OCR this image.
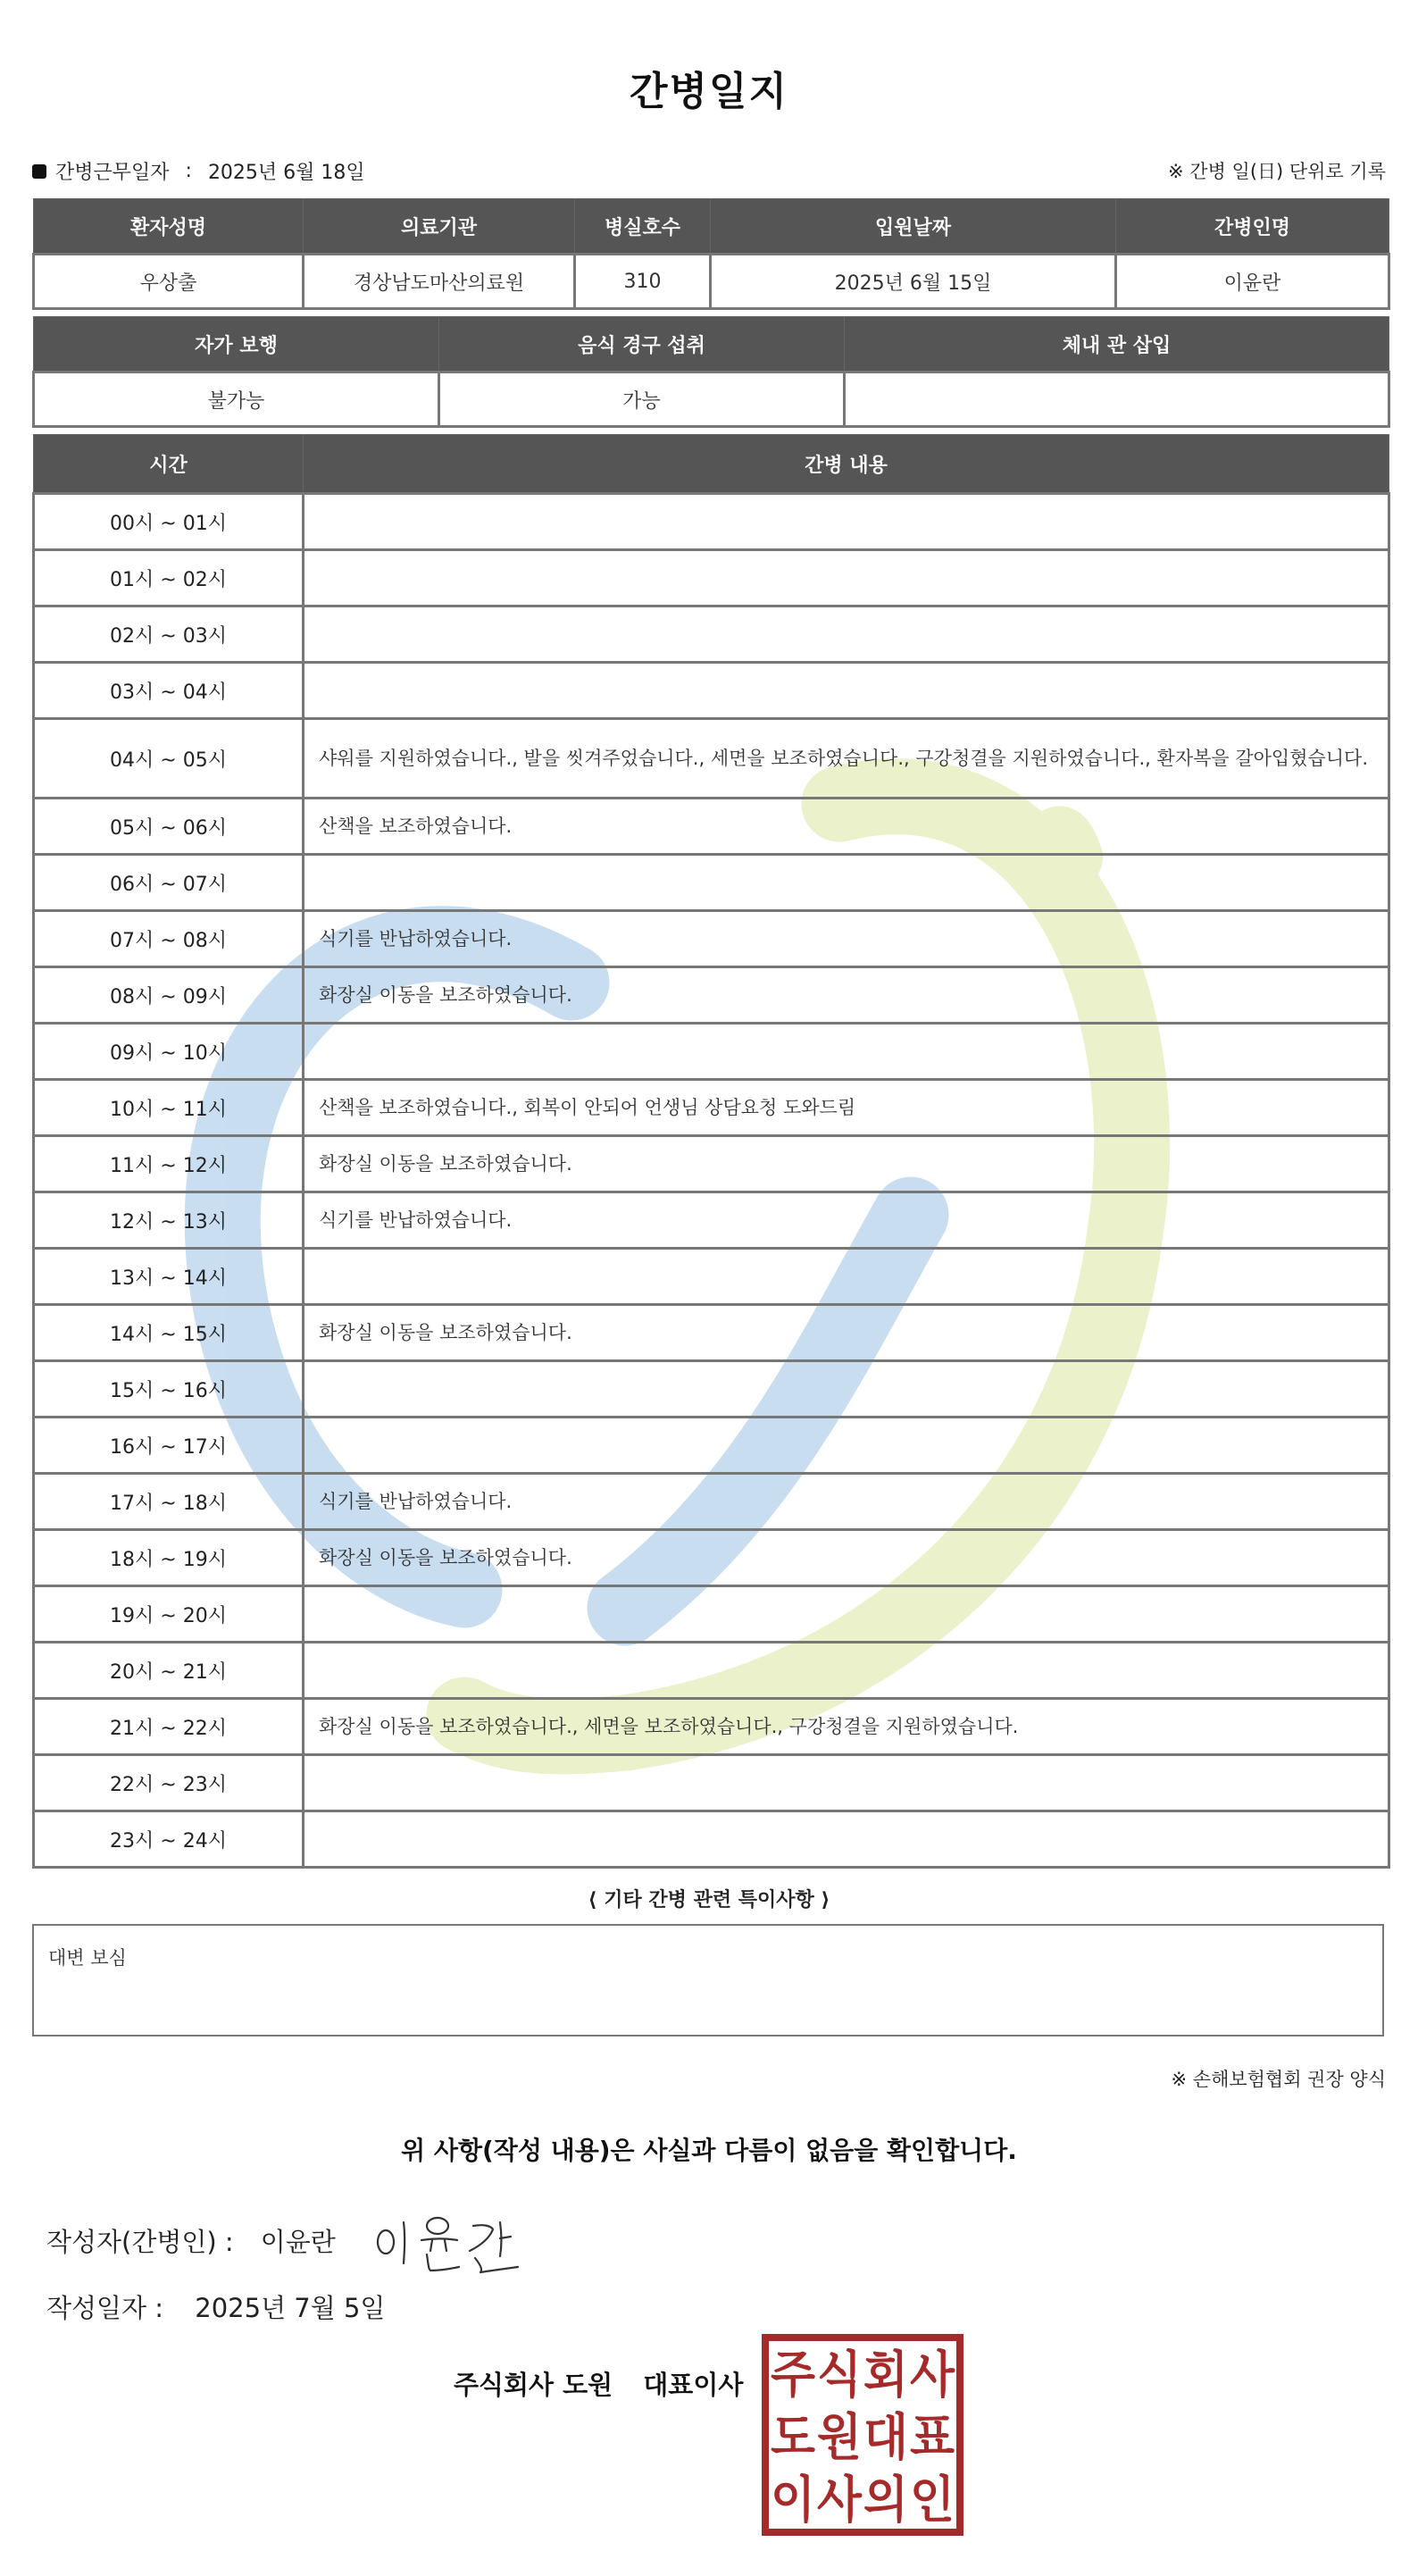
간병일지
간병근무일자 : 2025년 6월 18일	※ 간병 일(日) 단위로 기록
환자성명	의료기관	병실호수	입원날짜	간병인명
우상출	경상남도마산의료원	310	2025년 6월 15일	이윤란
자가 보행	음식 경구 섭취	체내 관 삽입
불가능	가능	
시간	간병 내용
00시 ~ 01시	
01시 ~ 02시	
02시 ~ 03시	
03시 ~ 04시	
04시 ~ 05시	샤워를 지원하였습니다., 발을 씻겨주었습니다., 세면을 보조하였습니다., 구강청결을 지원하였습니다., 환자복을 갈아입혔습니다.
05시 ~ 06시	산책을 보조하였습니다.
06시 ~ 07시	
07시 ~ 08시	식기를 반납하였습니다.
08시 ~ 09시	화장실 이동을 보조하였습니다.
09시 ~ 10시	
10시 ~ 11시	산책을 보조하였습니다., 회복이 안되어 언생님 상담요청 도와드림
11시 ~ 12시	화장실 이동을 보조하였습니다.
12시 ~ 13시	식기를 반납하였습니다.
13시 ~ 14시	
14시 ~ 15시	화장실 이동을 보조하였습니다.
15시 ~ 16시	
16시 ~ 17시	
17시 ~ 18시	식기를 반납하였습니다.
18시 ~ 19시	화장실 이동을 보조하였습니다.
19시 ~ 20시	
20시 ~ 21시	
21시 ~ 22시	화장실 이동을 보조하였습니다., 세면을 보조하였습니다., 구강청결을 지원하였습니다.
22시 ~ 23시	
23시 ~ 24시	
⟨ 기타 간병 관련 특이사항 ⟩
대변 보심
※ 손해보험협회 권장 양식
위 사항(작성 내용)은 사실과 다름이 없음을 확인합니다.
작성자(간병인) : 이윤란
작성일자 : 2025년 7월 5일
주식회사 도원 대표이사 주 식 회 사
도 원 대 표
이 사 의 인
